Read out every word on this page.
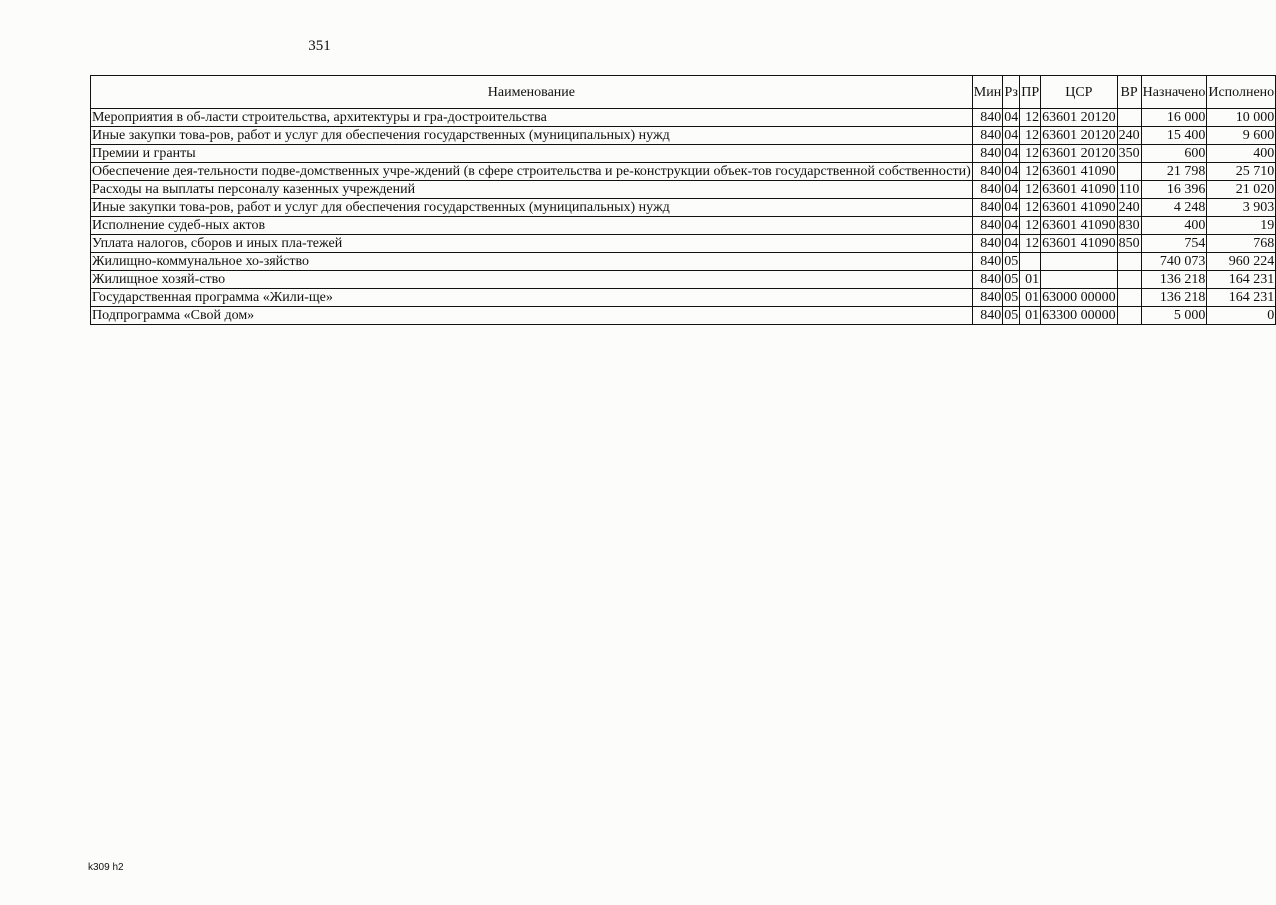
351
Наименование	Мин	Рз	ПР	ЦСР	ВР	Назначено	Исполнено
Мероприятия в об-ласти строительства, архитектуры и гра-достроительства	840	04	12	63601 20120		16 000	10 000
Иные закупки това-ров, работ и услуг для обеспечения государственных (муниципальных) нужд	840	04	12	63601 20120	240	15 400	9 600
Премии и гранты	840	04	12	63601 20120	350	600	400
Обеспечение дея-тельности подве-домственных учре-ждений (в сфере строительства и ре-конструкции объек-тов государственной собственности)	840	04	12	63601 41090		21 798	25 710
Расходы на выплаты персоналу казенных учреждений	840	04	12	63601 41090	110	16 396	21 020
Иные закупки това-ров, работ и услуг для обеспечения государственных (муниципальных) нужд	840	04	12	63601 41090	240	4 248	3 903
Исполнение судеб-ных актов	840	04	12	63601 41090	830	400	19
Уплата налогов, сборов и иных пла-тежей	840	04	12	63601 41090	850	754	768
Жилищно-коммунальное хо-зяйство	840	05				740 073	960 224
Жилищное хозяй-ство	840	05	01			136 218	164 231
Государственная программа «Жили-ще»	840	05	01	63000 00000		136 218	164 231
Подпрограмма «Свой дом»	840	05	01	63300 00000		5 000	0
k309 h2
